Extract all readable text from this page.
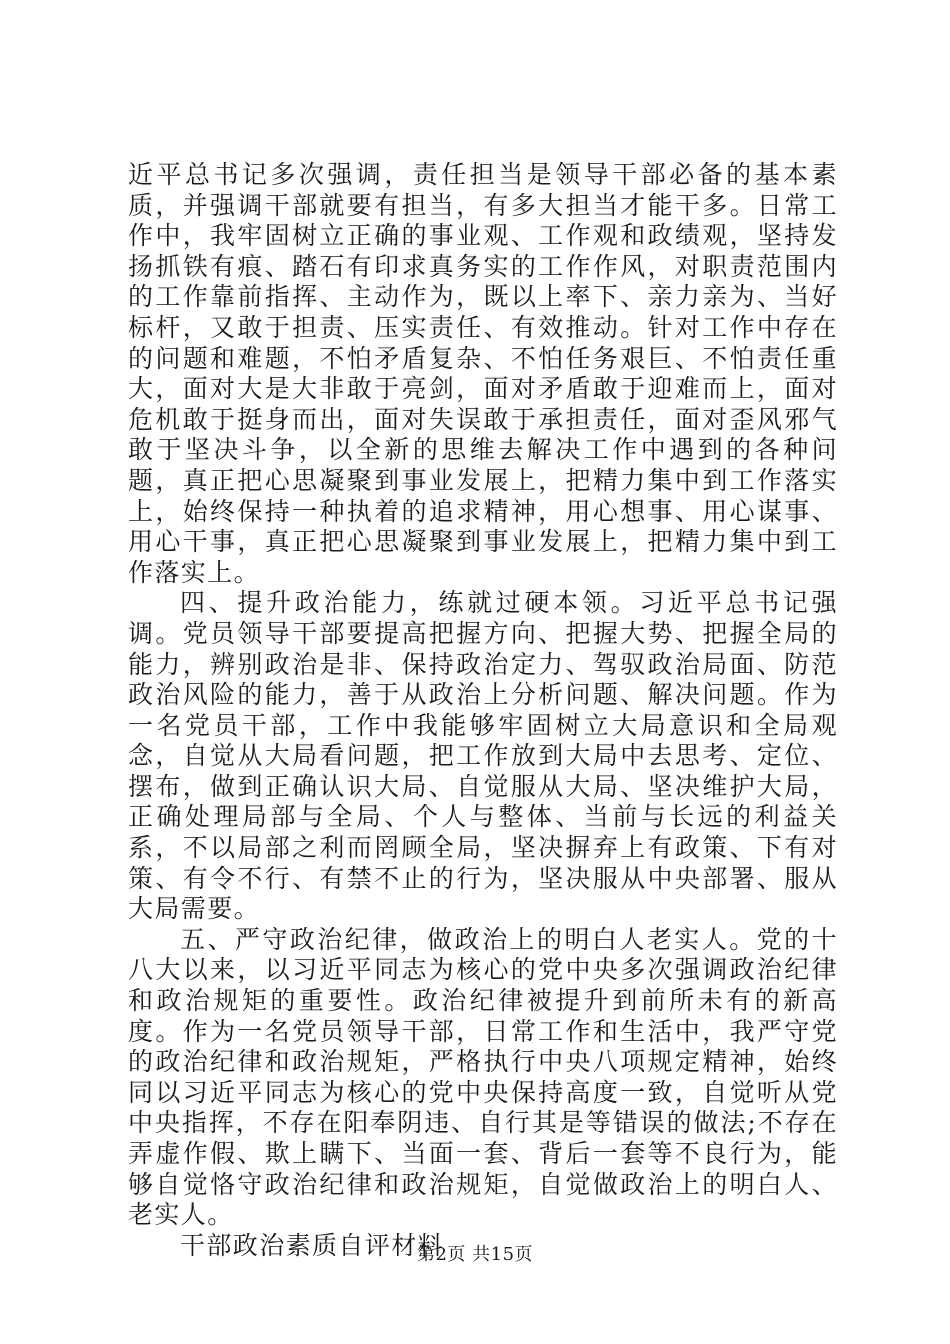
近平总书记多次强调，责任担当是领导干部必备的基本素质，并强调干部就要有担当，有多大担当才能干多。日常工作中，我牢固树立正确的事业观、工作观和政绩观，坚持发扬抓铁有痕、踏石有印求真务实的工作作风，对职责范围内的工作靠前指挥、主动作为，既以上率下、亲力亲为、当好标杆，又敢于担责、压实责任、有效推动。针对工作中存在的问题和难题，不怕矛盾复杂、不怕任务艰巨、不怕责任重大，面对大是大非敢于亮剑，面对矛盾敢于迎难而上，面对危机敢于挺身而出，面对失误敢于承担责任，面对歪风邪气敢于坚决斗争，以全新的思维去解决工作中遇到的各种问题，真正把心思凝聚到事业发展上，把精力集中到工作落实上，始终保持一种执着的追求精神，用心想事、用心谋事、用心干事，真正把心思凝聚到事业发展上，把精力集中到工作落实上。

四、提升政治能力，练就过硬本领。习近平总书记强调。党员领导干部要提高把握方向、把握大势、把握全局的能力，辨别政治是非、保持政治定力、驾驭政治局面、防范政治风险的能力，善于从政治上分析问题、解决问题。作为一名党员干部，工作中我能够牢固树立大局意识和全局观念，自觉从大局看问题，把工作放到大局中去思考、定位、摆布，做到正确认识大局、自觉服从大局、坚决维护大局，正确处理局部与全局、个人与整体、当前与长远的利益关系，不以局部之利而罔顾全局，坚决摒弃上有政策、下有对策、有令不行、有禁不止的行为，坚决服从中央部署、服从大局需要。

五、严守政治纪律，做政治上的明白人老实人。党的十八大以来，以习近平同志为核心的党中央多次强调政治纪律和政治规矩的重要性。政治纪律被提升到前所未有的新高度。作为一名党员领导干部，日常工作和生活中，我严守党的政治纪律和政治规矩，严格执行中央八项规定精神，始终同以习近平同志为核心的党中央保持高度一致，自觉听从党中央指挥，不存在阳奉阴违、自行其是等错误的做法;不存在弄虚作假、欺上瞒下、当面一套、背后一套等不良行为，能够自觉恪守政治纪律和政治规矩，自觉做政治上的明白人、老实人。

干部政治素质自评材料

第2页 共15页
